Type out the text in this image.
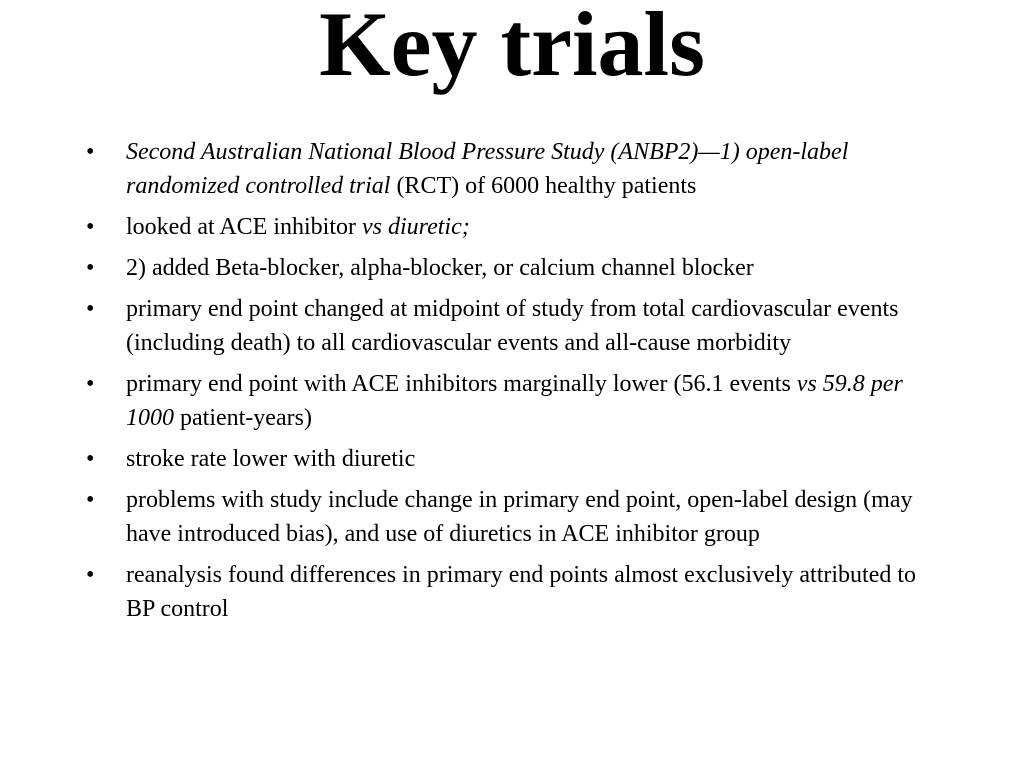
Key trials
• Second Australian National Blood Pressure Study (ANBP2)—1) open-label randomized controlled trial (RCT) of 6000 healthy patients
• looked at ACE inhibitor vs diuretic;
• 2) added Beta-blocker, alpha-blocker, or calcium channel blocker
• primary end point changed at midpoint of study from total cardiovascular events (including death) to all cardiovascular events and all-cause morbidity
• primary end point with ACE inhibitors marginally lower (56.1 events vs 59.8 per 1000 patient-years)
• stroke rate lower with diuretic
• problems with study include change in primary end point, open-label design (may have introduced bias), and use of diuretics in ACE inhibitor group
• reanalysis found differences in primary end points almost exclusively attributed to BP control
